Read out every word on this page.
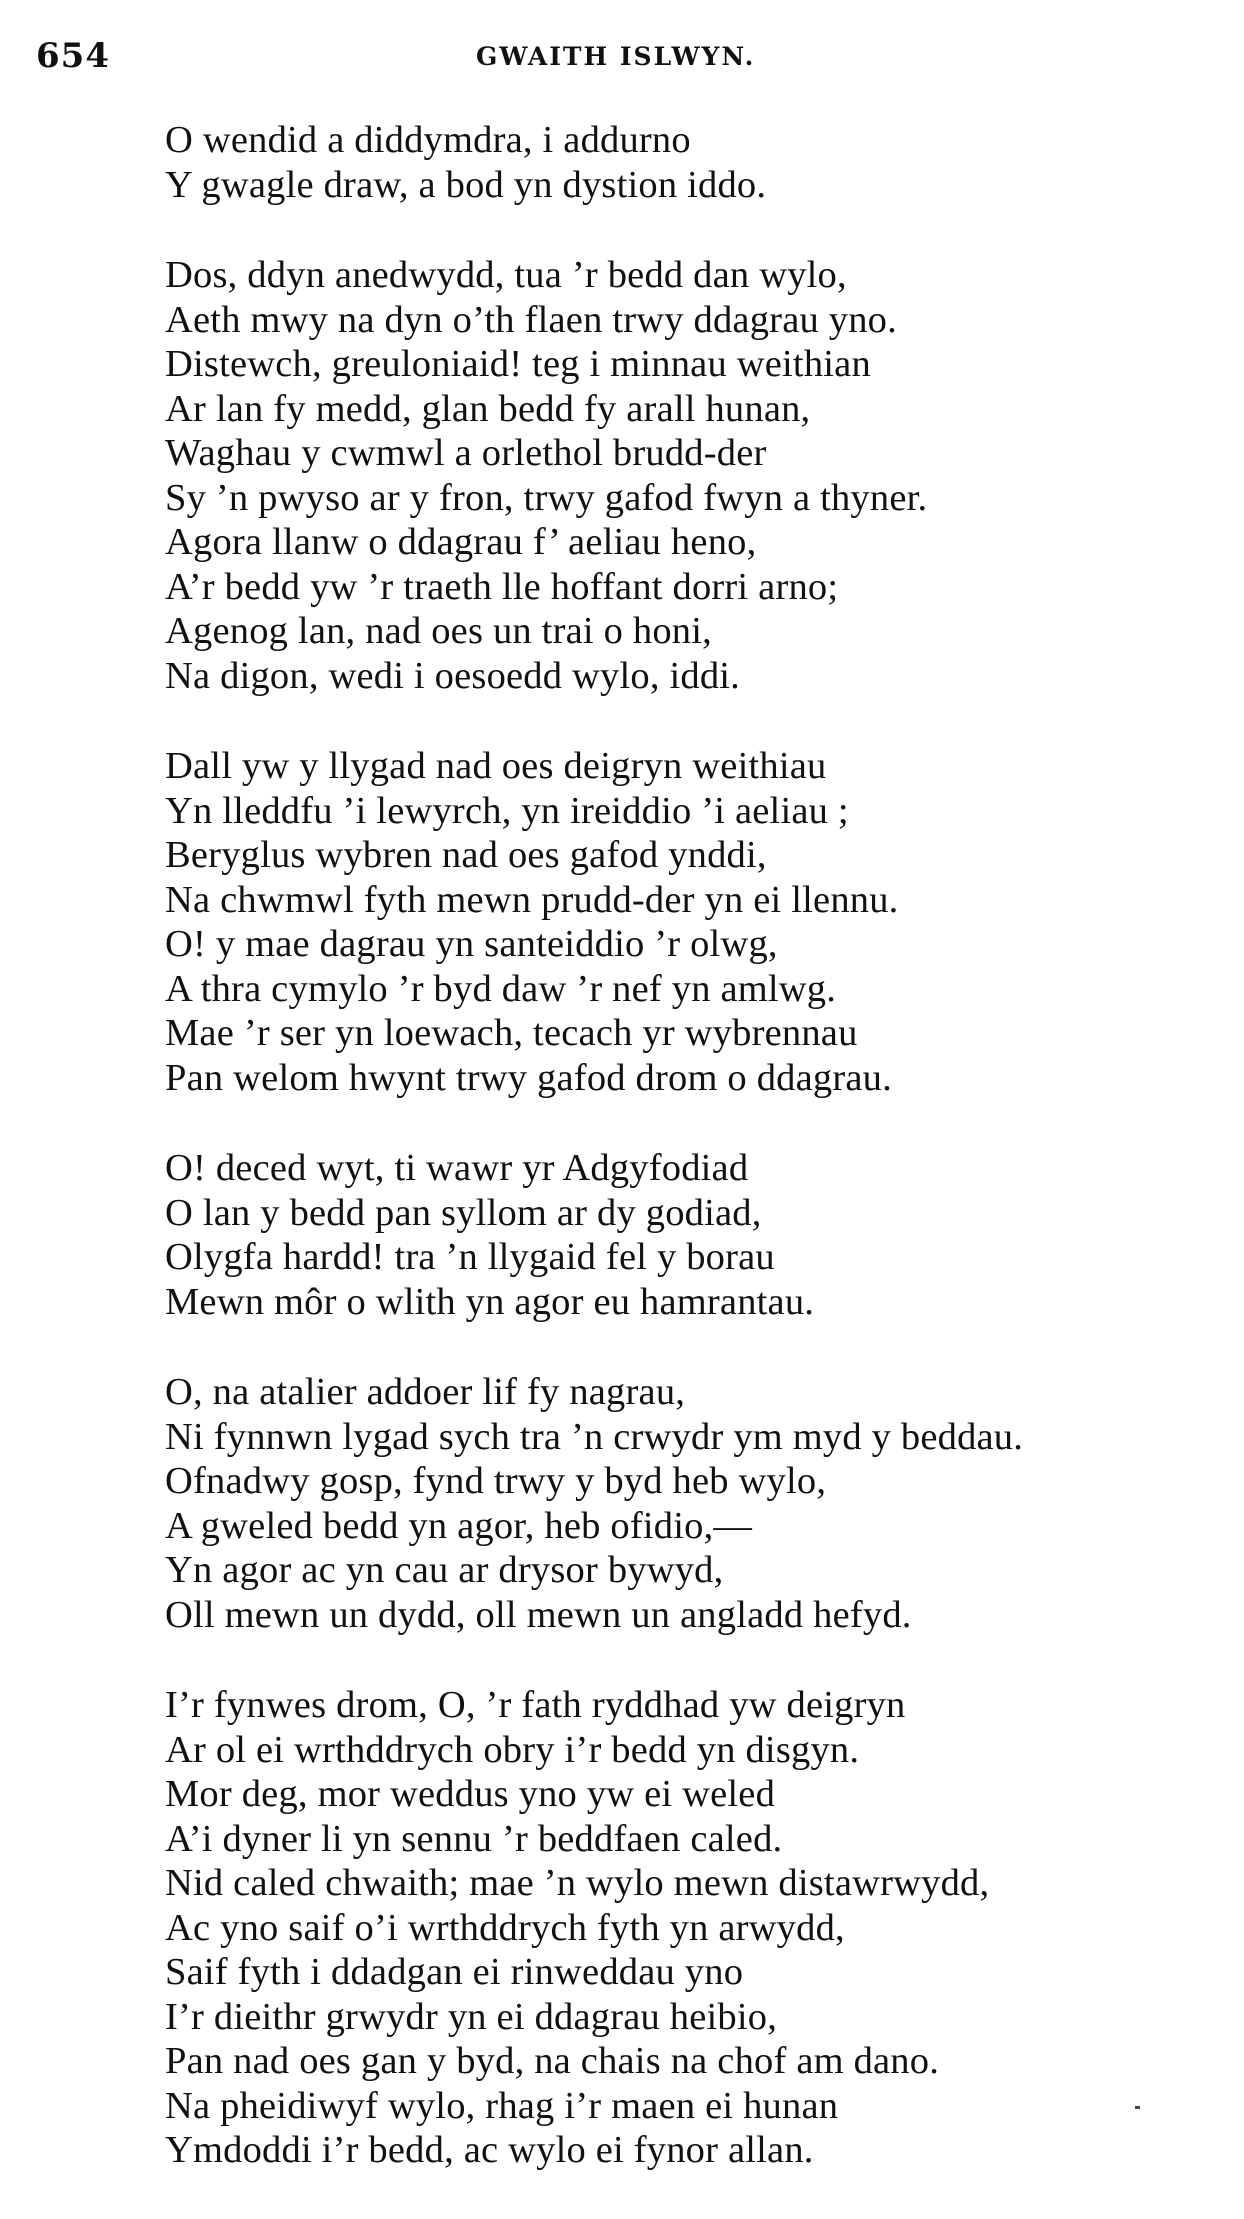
654	GWAITH ISLWYN.
O wendid a diddymdra, i addurno
Y gwagle draw, a bod yn dystion iddo.
Dos, ddyn anedwydd, tua ’r bedd dan wylo,
Aeth mwy na dyn o’th flaen trwy ddagrau yno.
Distewch, greuloniaid! teg i minnau weithian
Ar lan fy medd, glan bedd fy arall hunan,
Waghau y cwmwl a orlethol brudd-der
Sy ’n pwyso ar y fron, trwy gafod fwyn a thyner.
Agora llanw o ddagrau f’ aeliau heno,
A’r bedd yw ’r traeth lle hoffant dorri arno;
Agenog lan, nad oes un trai o honi,
Na digon, wedi i oesoedd wylo, iddi.
Dall yw y llygad nad oes deigryn weithiau
Yn lleddfu ’i lewyrch, yn ireiddio ’i aeliau ;
Beryglus wybren nad oes gafod ynddi,
Na chwmwl fyth mewn prudd-der yn ei llennu.
O! y mae dagrau yn santeiddio ’r olwg,
A thra cymylo ’r byd daw ’r nef yn amlwg.
Mae ’r ser yn loewach, tecach yr wybrennau
Pan welom hwynt trwy gafod drom o ddagrau.
O! deced wyt, ti wawr yr Adgyfodiad
O lan y bedd pan syllom ar dy godiad,
Olygfa hardd! tra ’n llygaid fel y borau
Mewn môr o wlith yn agor eu hamrantau.
O, na atalier addoer lif fy nagrau,
Ni fynnwn lygad sych tra ’n crwydr ym myd y beddau.
Ofnadwy gosp, fynd trwy y byd heb wylo,
A gweled bedd yn agor, heb ofidio,—
Yn agor ac yn cau ar drysor bywyd,
Oll mewn un dydd, oll mewn un angladd hefyd.
I’r fynwes drom, O, ’r fath ryddhad yw deigryn
Ar ol ei wrthddrych obry i’r bedd yn disgyn.
Mor deg, mor weddus yno yw ei weled
A’i dyner li yn sennu ’r beddfaen caled.
Nid caled chwaith; mae ’n wylo mewn distawrwydd,
Ac yno saif o’i wrthddrych fyth yn arwydd,
Saif fyth i ddadgan ei rinweddau yno
I’r dieithr grwydr yn ei ddagrau heibio,
Pan nad oes gan y byd, na chais na chof am dano.
Na pheidiwyf wylo, rhag i’r maen ei hunan
Ymdoddi i’r bedd, ac wylo ei fynor allan.
